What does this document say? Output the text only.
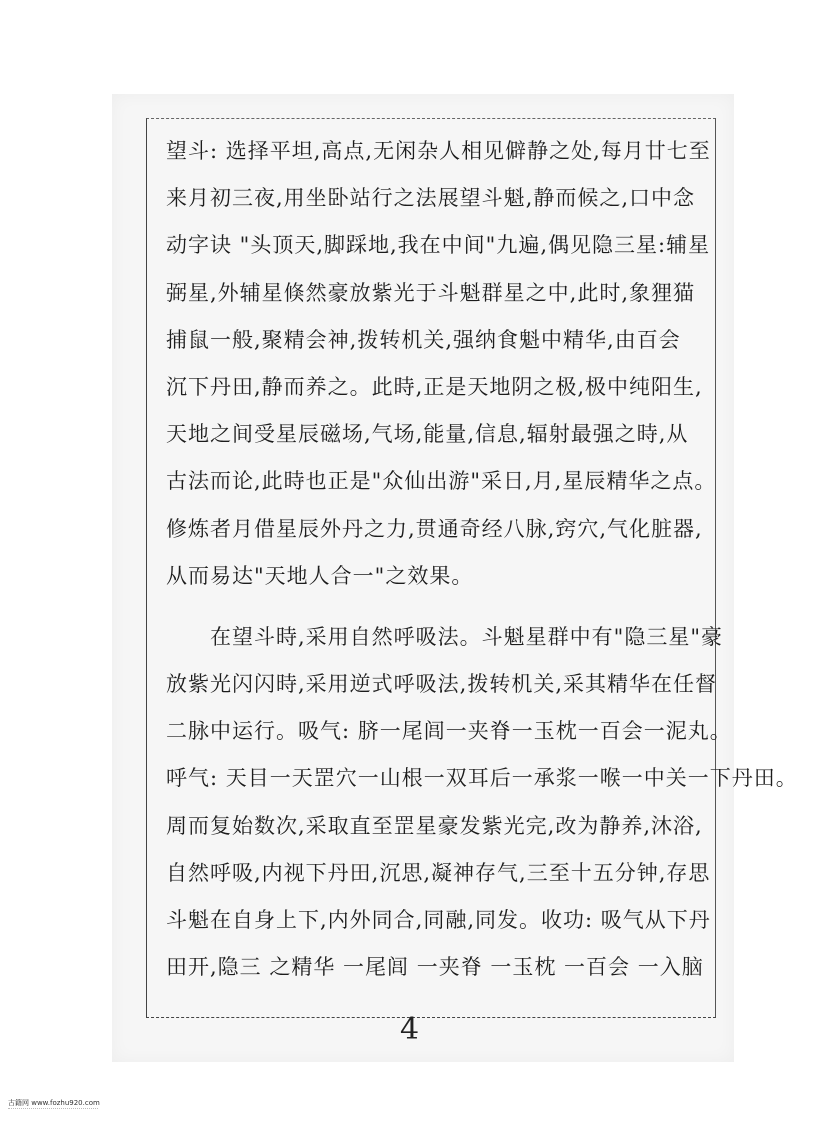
望斗: 选择平坦,高点,无闲杂人相见僻静之处,每月廿七至
来月初三夜,用坐卧站行之法展望斗魁,静而候之,口中念
动字诀 "头顶天,脚踩地,我在中间"九遍,偶见隐三星:辅星
弼星,外辅星倏然豪放紫光于斗魁群星之中,此时,象狸猫
捕鼠一般,聚精会神,拨转机关,强纳食魁中精华,由百会
沉下丹田,静而养之。此時,正是天地阴之极,极中纯阳生,
天地之间受星辰磁场,气场,能量,信息,辐射最强之時,从
古法而论,此時也正是"众仙出游"采日,月,星辰精华之点。
修炼者月借星辰外丹之力,贯通奇经八脉,窍穴,气化脏器,
从而易达"天地人合一"之效果。
在望斗時,采用自然呼吸法。斗魁星群中有"隐三星"豪
放紫光闪闪時,采用逆式呼吸法,拨转机关,采其精华在任督
二脉中运行。吸气: 脐一尾闾一夹脊一玉枕一百会一泥丸。
呼气: 天目一天罡穴一山根一双耳后一承浆一喉一中关一下丹田。
周而复始数次,采取直至罡星豪发紫光完,改为静养,沐浴,
自然呼吸,内视下丹田,沉思,凝神存气,三至十五分钟,存思
斗魁在自身上下,内外同合,同融,同发。收功: 吸气从下丹
田开,隐三 之精华 一尾闾 一夹脊 一玉枕 一百会 一入脑
4
古籍网 www.fozhu920.com
